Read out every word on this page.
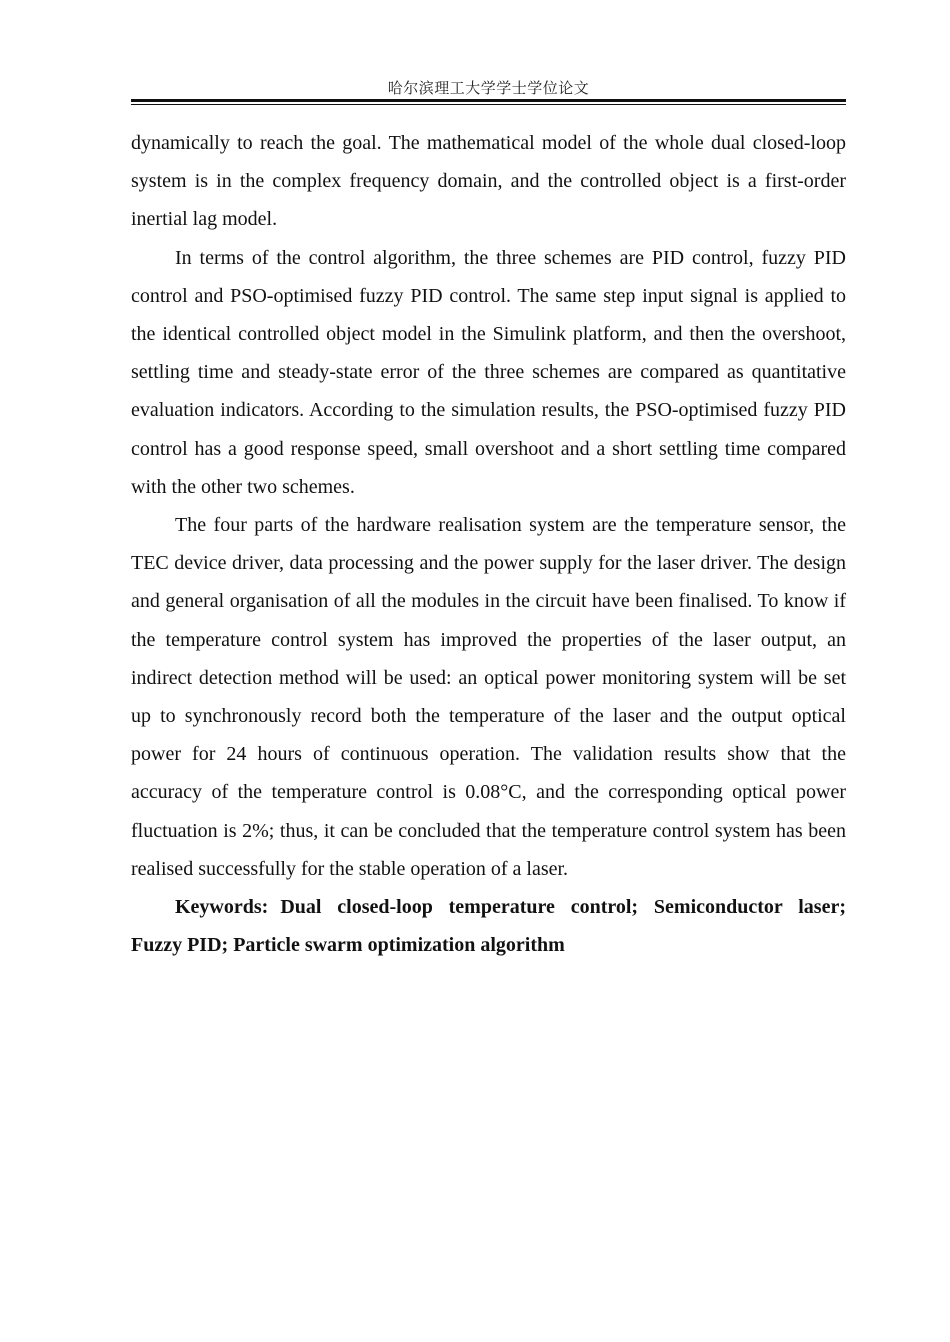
哈尔滨理工大学学士学位论文

dynamically to reach the goal. The mathematical model of the whole dual closed-loop system is in the complex frequency domain, and the controlled object is a first-order inertial lag model.

In terms of the control algorithm, the three schemes are PID control, fuzzy PID control and PSO-optimised fuzzy PID control. The same step input signal is applied to the identical controlled object model in the Simulink platform, and then the overshoot, settling time and steady-state error of the three schemes are compared as quantitative evaluation indicators. According to the simulation results, the PSO-optimised fuzzy PID control has a good response speed, small overshoot and a short settling time compared with the other two schemes.

The four parts of the hardware realisation system are the temperature sensor, the TEC device driver, data processing and the power supply for the laser driver. The design and general organisation of all the modules in the circuit have been finalised. To know if the temperature control system has improved the properties of the laser output, an indirect detection method will be used: an optical power monitoring system will be set up to synchronously record both the temperature of the laser and the output optical power for 24 hours of continuous operation. The validation results show that the accuracy of the temperature control is 0.08°C, and the corresponding optical power fluctuation is 2%; thus, it can be concluded that the temperature control system has been realised successfully for the stable operation of a laser.

Keywords: Dual closed-loop temperature control; Semiconductor laser; Fuzzy PID; Particle swarm optimization algorithm
